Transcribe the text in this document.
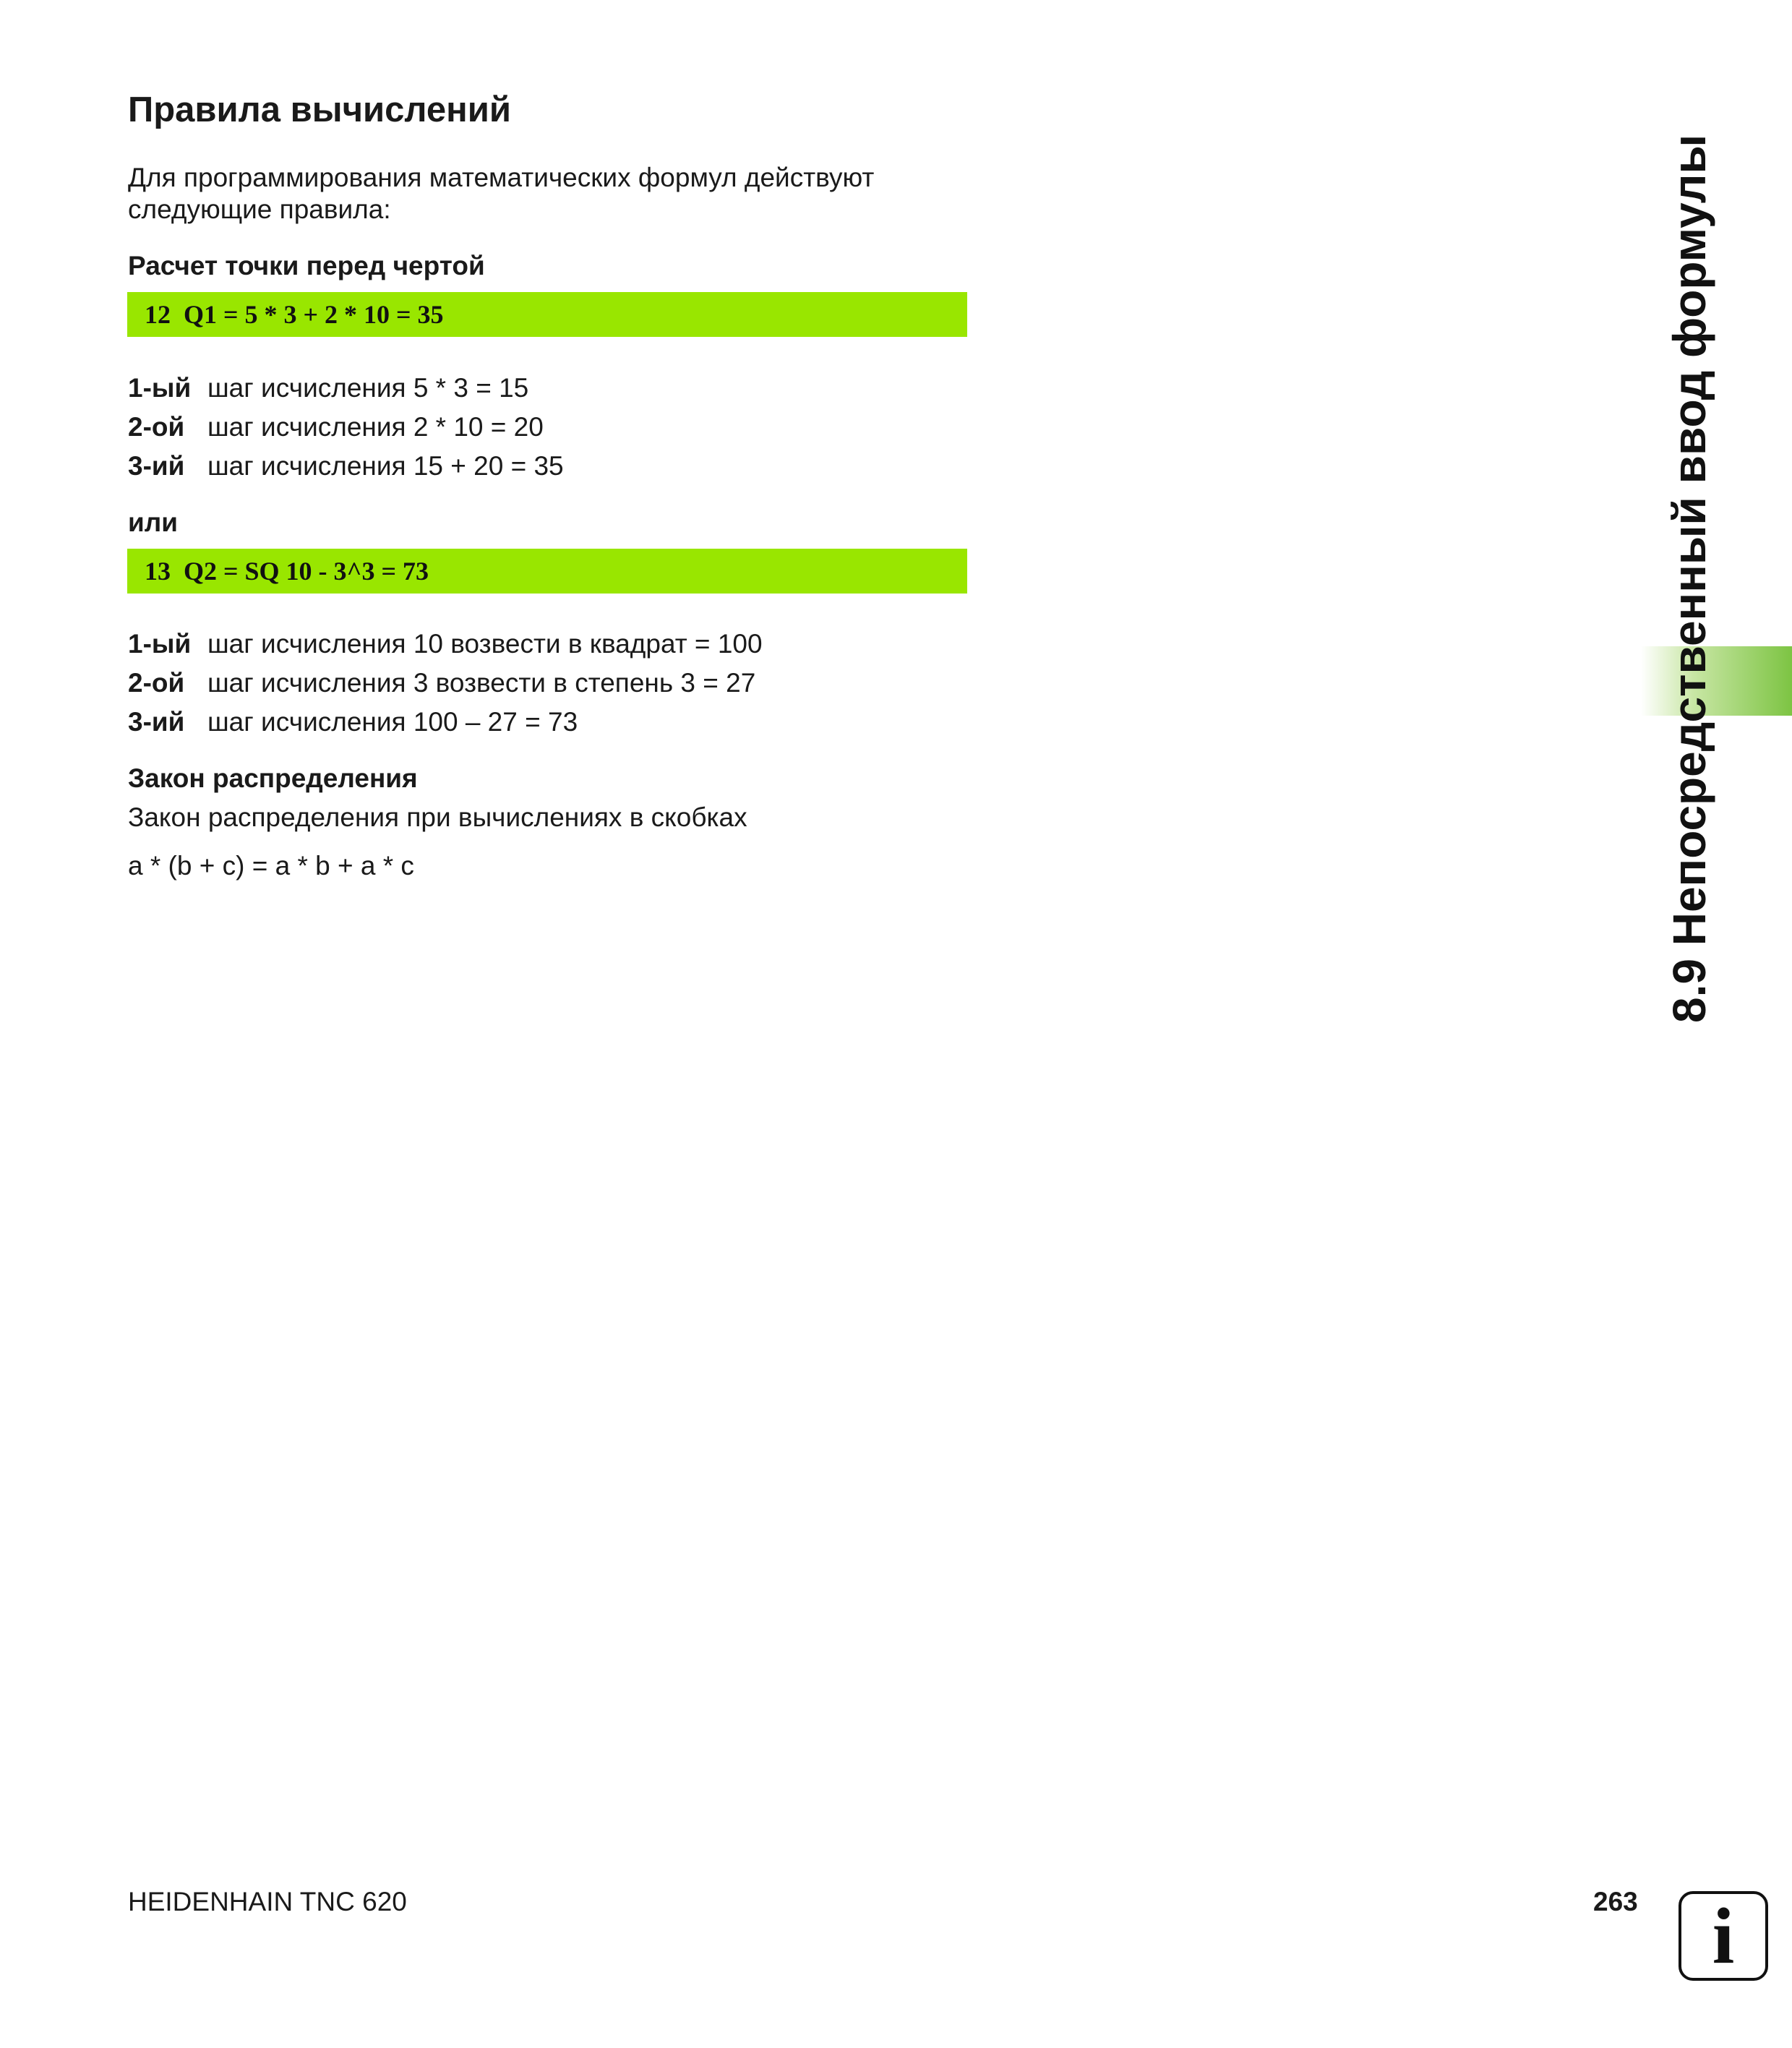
Правила вычислений
Для программирования математических формул действуют
следующие правила:
Расчет точки перед чертой
12  Q1 = 5 * 3 + 2 * 10 = 35
1-ый шаг исчисления 5 * 3 = 15
2-ой шаг исчисления 2 * 10 = 20
3-ий шаг исчисления 15 + 20 = 35
или
13  Q2 = SQ 10 - 3^3 = 73
1-ый шаг исчисления 10 возвести в квадрат = 100
2-ой шаг исчисления 3 возвести в степень 3 = 27
3-ий шаг исчисления 100 – 27 = 73
Закон распределения
Закон распределения при вычислениях в скобках
a * (b + c) = a * b + a * c	8.9 Непосредственный ввод формулы
HEIDENHAIN TNC 620	263 i
